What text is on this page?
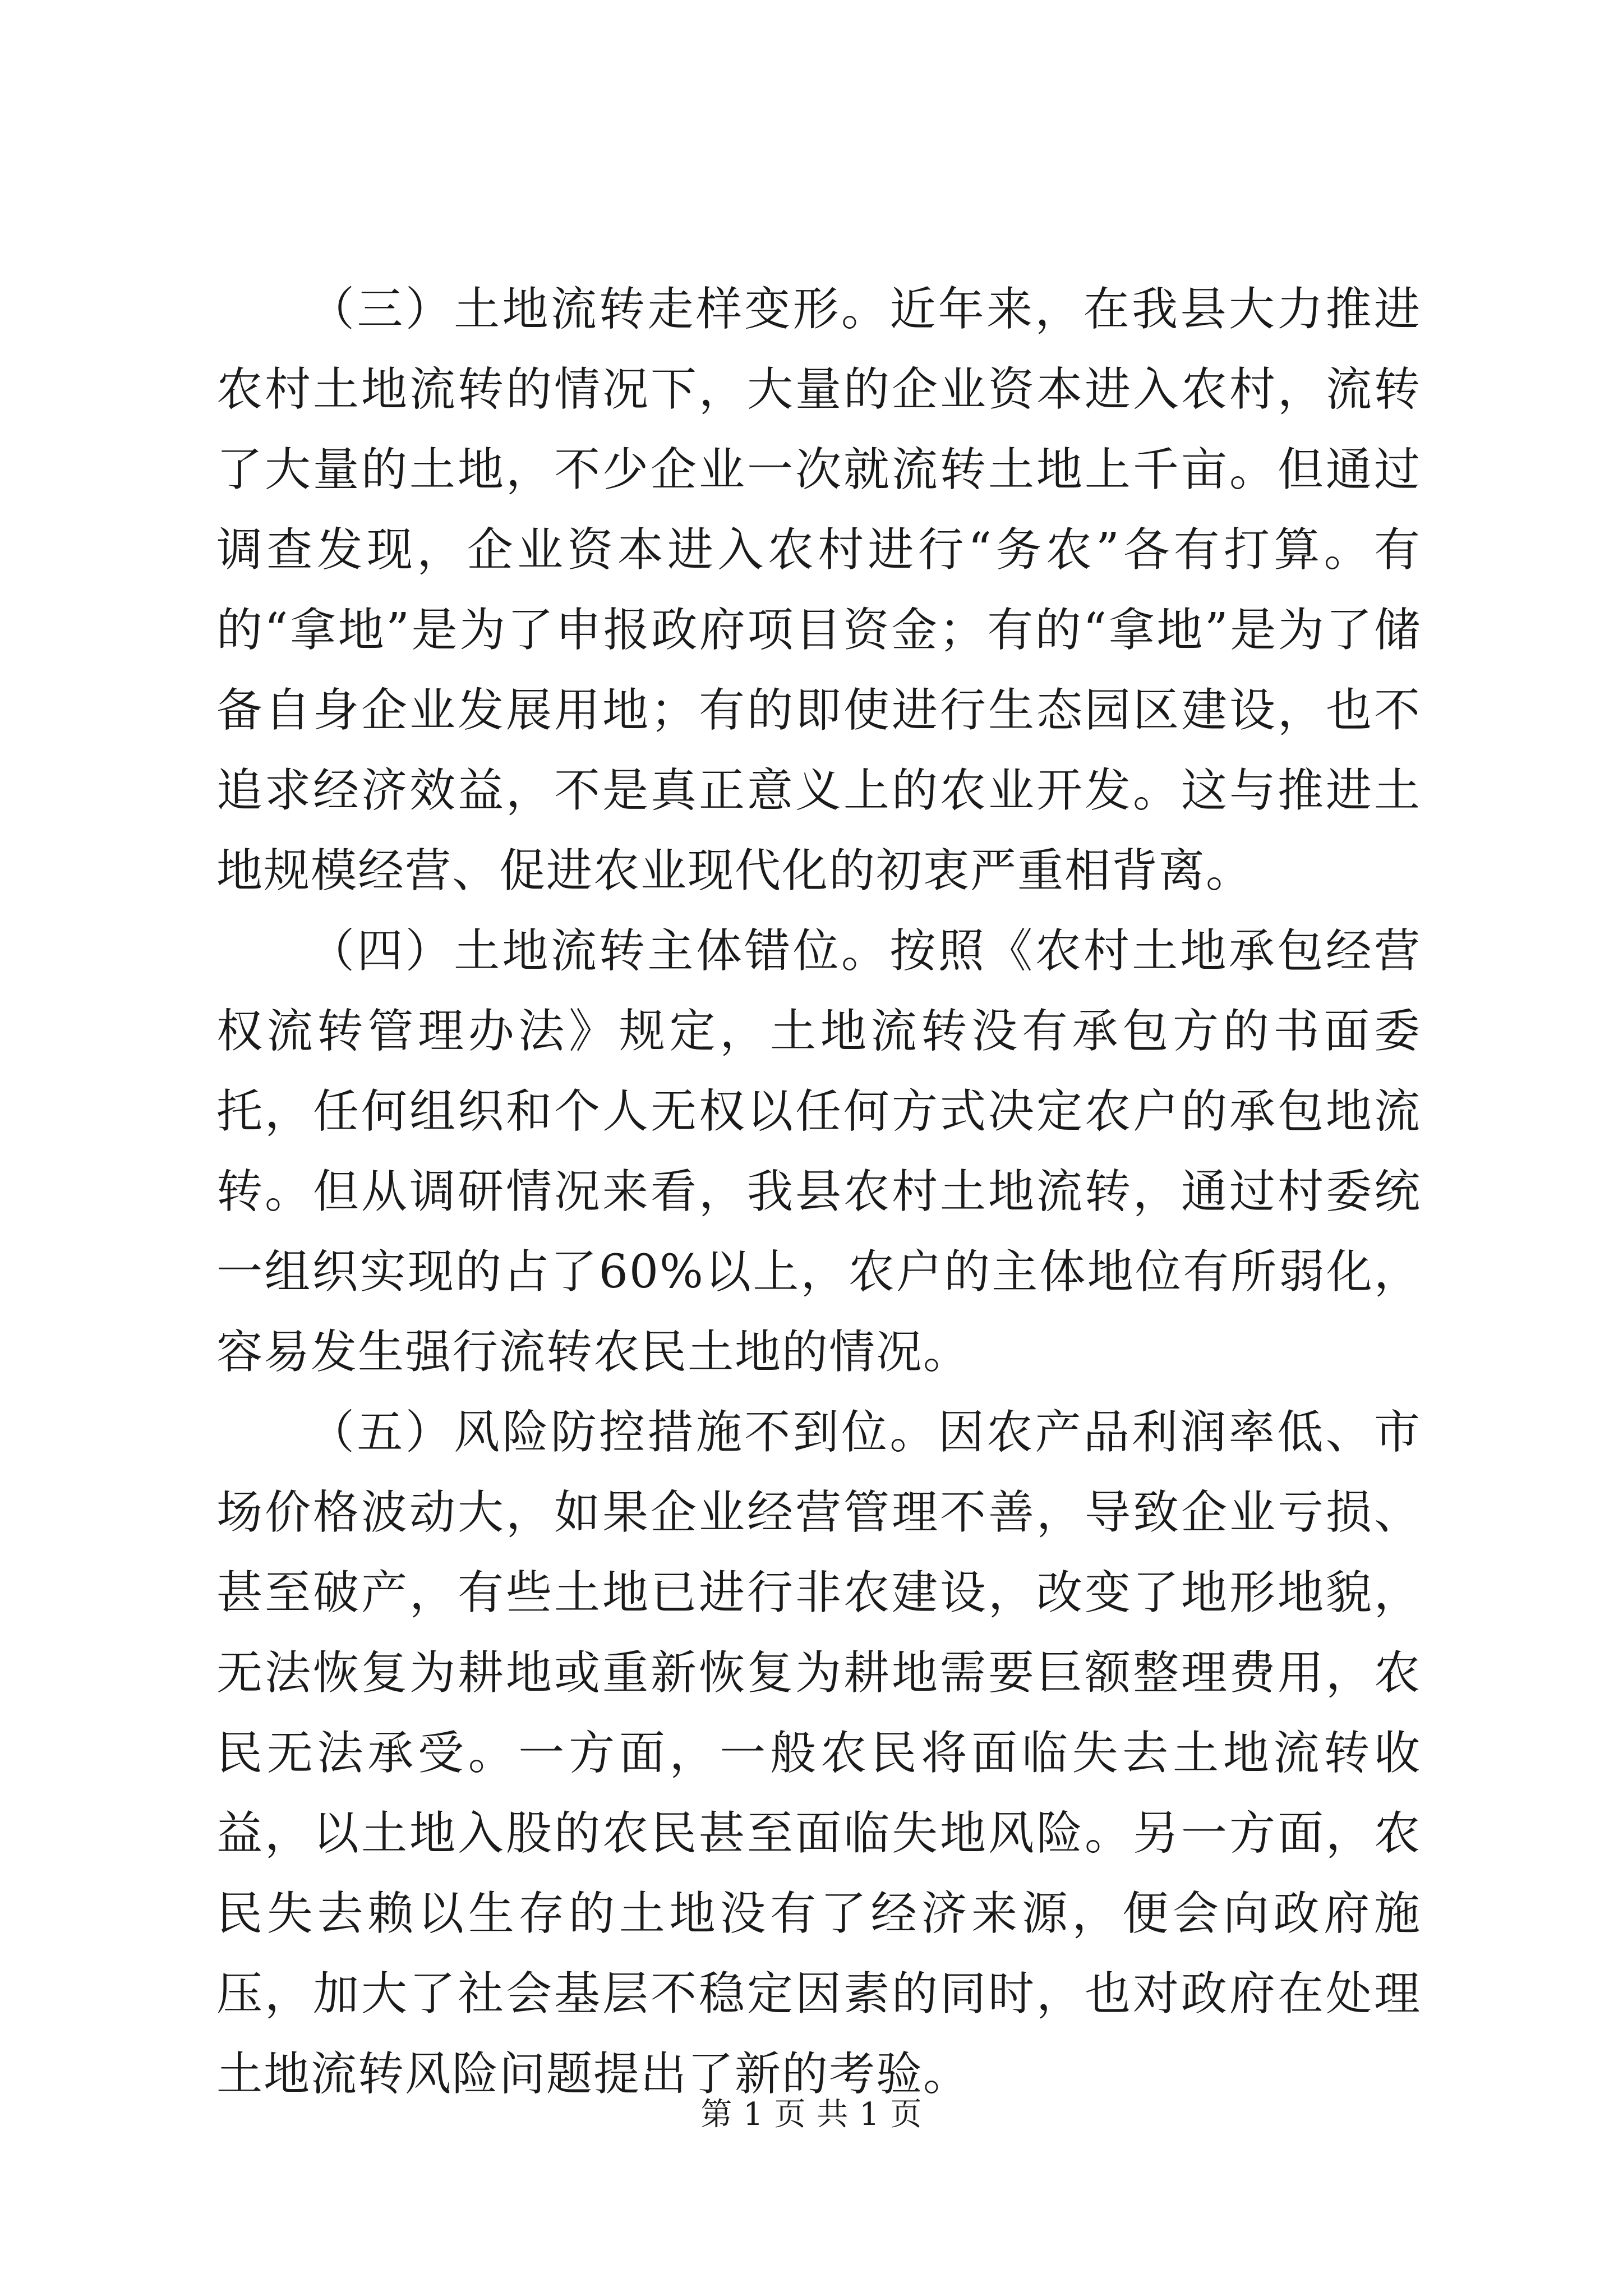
（三）土地流转走样变形。近年来，在我县大力推进农村土地流转的情况下，大量的企业资本进入农村，流转了大量的土地，不少企业一次就流转土地上千亩。但通过调查发现，企业资本进入农村进行“务农”各有打算。有的“拿地”是为了申报政府项目资金；有的“拿地”是为了储备自身企业发展用地；有的即使进行生态园区建设，也不追求经济效益，不是真正意义上的农业开发。这与推进土地规模经营、促进农业现代化的初衷严重相背离。

（四）土地流转主体错位。按照《农村土地承包经营权流转管理办法》规定，土地流转没有承包方的书面委托，任何组织和个人无权以任何方式决定农户的承包地流转。但从调研情况来看，我县农村土地流转，通过村委统一组织实现的占了60%以上，农户的主体地位有所弱化，容易发生强行流转农民土地的情况。

（五）风险防控措施不到位。因农产品利润率低、市场价格波动大，如果企业经营管理不善，导致企业亏损、甚至破产，有些土地已进行非农建设，改变了地形地貌，无法恢复为耕地或重新恢复为耕地需要巨额整理费用，农民无法承受。一方面，一般农民将面临失去土地流转收益，以土地入股的农民甚至面临失地风险。另一方面，农民失去赖以生存的土地没有了经济来源，便会向政府施压，加大了社会基层不稳定因素的同时，也对政府在处理土地流转风险问题提出了新的考验。

第 1 页 共 1 页
